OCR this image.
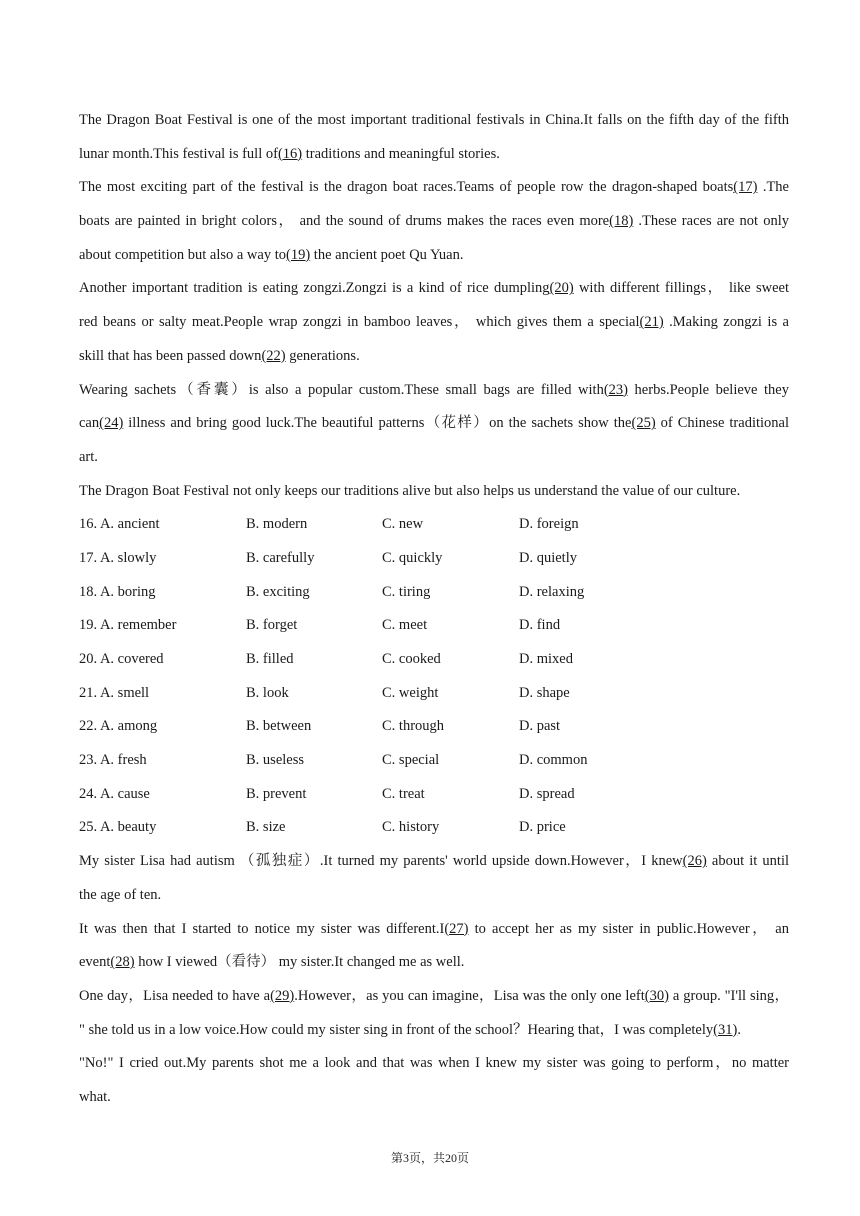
The Dragon Boat Festival is one of the most important traditional festivals in China.It falls on the fifth day of the fifth
lunar month.This festival is full of(16) traditions and meaningful stories.
The most exciting part of the festival is the dragon boat races.Teams of people row the dragon-shaped boats(17) .The
boats are painted in bright colors， and the sound of drums makes the races even more(18) .These races are not only
about competition but also a way to(19) the ancient poet Qu Yuan.
Another important tradition is eating zongzi.Zongzi is a kind of rice dumpling(20) with different fillings， like sweet
red beans or salty meat.People wrap zongzi in bamboo leaves， which gives them a special(21) .Making zongzi is a
skill that has been passed down(22) generations.
Wearing sachets（香囊）is also a popular custom.These small bags are filled with(23) herbs.People believe they
can(24) illness and bring good luck.The beautiful patterns（花样）on the sachets show the(25) of Chinese traditional
art.
The Dragon Boat Festival not only keeps our traditions alive but also helps us understand the value of our culture.
16. A. ancient	B. modern	C. new	D. foreign
17. A. slowly	B. carefully	C. quickly	D. quietly
18. A. boring	B. exciting	C. tiring	D. relaxing
19. A. remember	B. forget	C. meet	D. find
20. A. covered	B. filled	C. cooked	D. mixed
21. A. smell	B. look	C. weight	D. shape
22. A. among	B. between	C. through	D. past
23. A. fresh	B. useless	C. special	D. common
24. A. cause	B. prevent	C. treat	D. spread
25. A. beauty	B. size	C. history	D. price
My sister Lisa had autism （孤独症）.It turned my parents' world upside down.However，I knew(26) about it until
the age of ten.
It was then that I started to notice my sister was different.I(27) to accept her as my sister in public.However， an
event(28) how I viewed（看待） my sister.It changed me as well.
One day，Lisa needed to have a(29).However，as you can imagine，Lisa was the only one left(30) a group. "I'll sing，
" she told us in a low voice.How could my sister sing in front of the school？Hearing that，I was completely(31).
"No!" I cried out.My parents shot me a look and that was when I knew my sister was going to perform，no matter
what.
第3页，共20页
